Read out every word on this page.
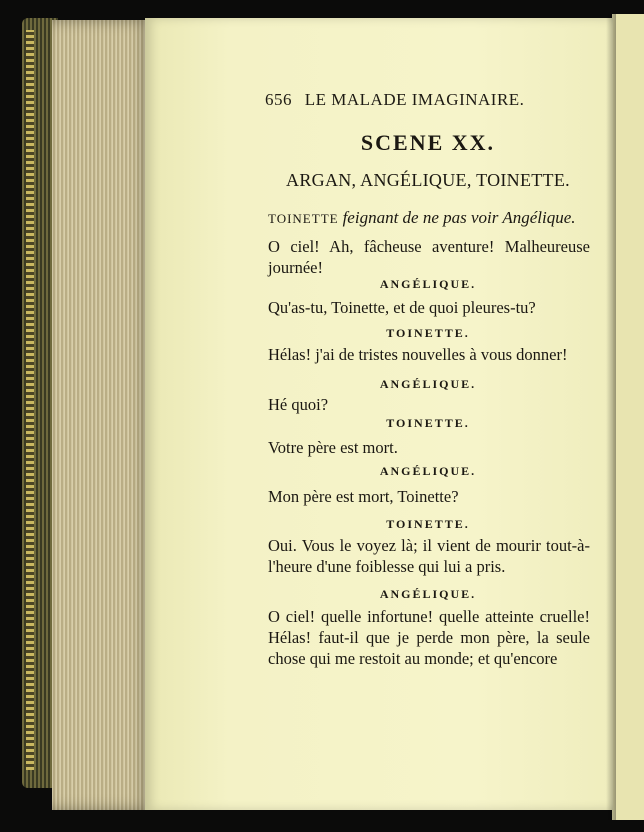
656 LE MALADE IMAGINAIRE.
SCENE XX.
ARGAN, ANGÉLIQUE, TOINETTE.
TOINETTE feignant de ne pas voir Angélique.
O ciel! Ah, fâcheuse aventure! Malheureuse journée!
ANGÉLIQUE.
Qu'as-tu, Toinette, et de quoi pleures-tu?
TOINETTE.
Hélas! j'ai de tristes nouvelles à vous donner!
ANGÉLIQUE.
Hé quoi?
TOINETTE.
Votre père est mort.
ANGÉLIQUE.
Mon père est mort, Toinette?
TOINETTE.
Oui. Vous le voyez là; il vient de mourir tout-à-l'heure d'une foiblesse qui lui a pris.
ANGÉLIQUE.
O ciel! quelle infortune! quelle atteinte cruelle! Hélas! faut-il que je perde mon père, la seule chose qui me restoit au monde; et qu'encore
